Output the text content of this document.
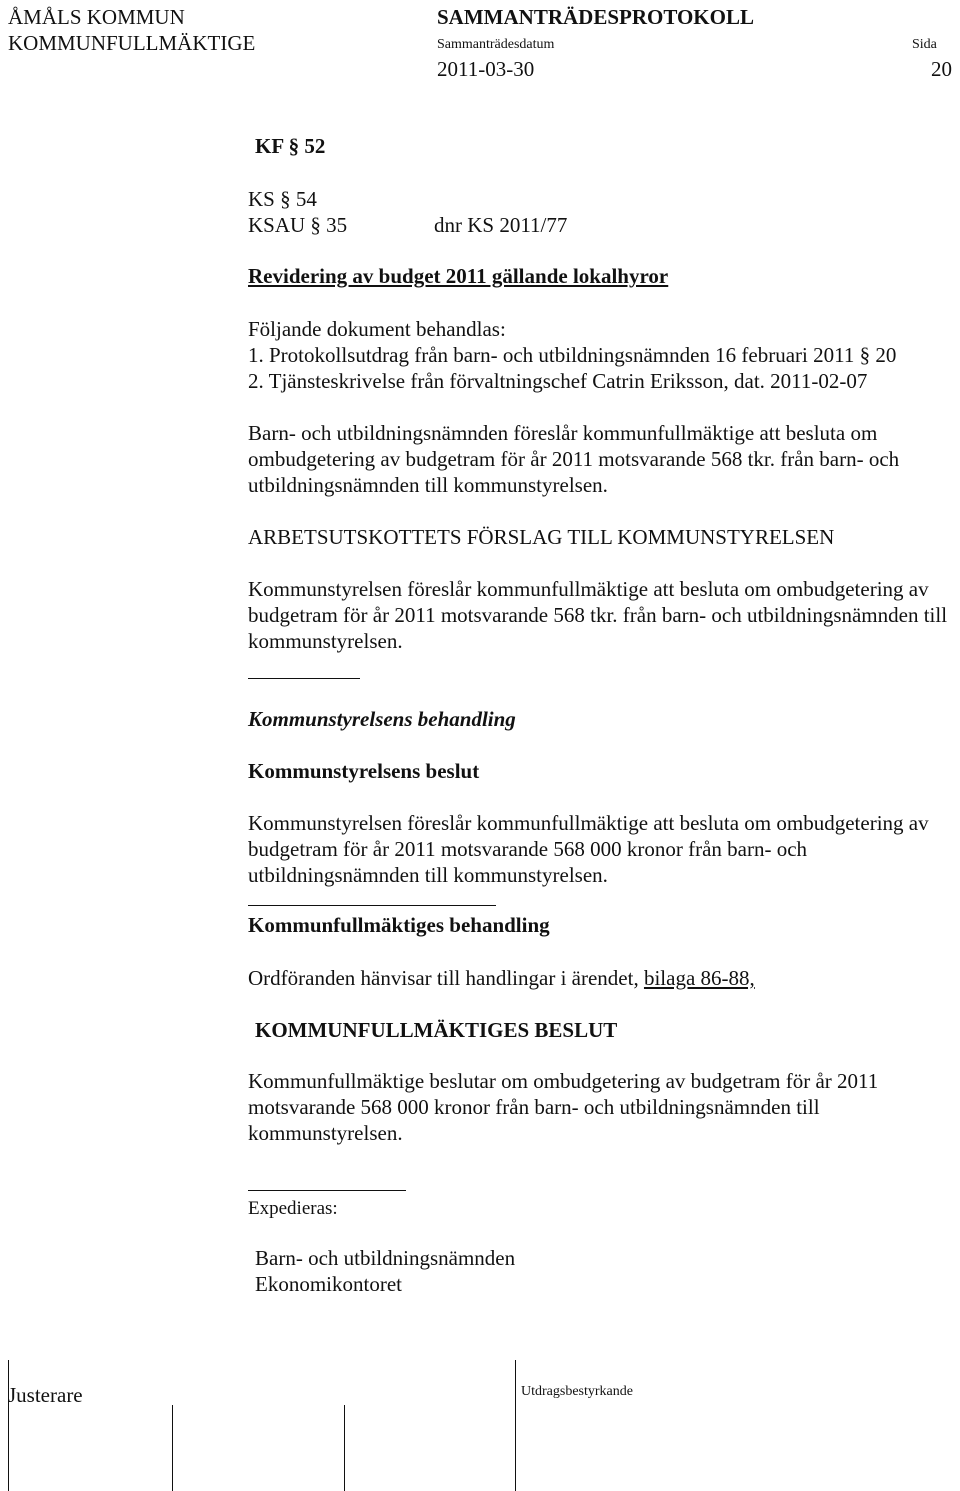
ÅMÅLS KOMMUN
KOMMUNFULLMÄKTIGE
SAMMANTRÄDESPROTOKOLL
Sammanträdesdatum	Sida
2011-03-30	20
KF § 52
KS § 54
KSAU § 35	dnr KS 2011/77
Revidering av budget 2011 gällande lokalhyror
Följande dokument behandlas:
1. Protokollsutdrag från barn- och utbildningsnämnden 16 februari 2011 § 20
2. Tjänsteskrivelse från förvaltningschef Catrin Eriksson, dat. 2011-02-07
Barn- och utbildningsnämnden föreslår kommunfullmäktige att besluta om ombudgetering av budgetram för år 2011 motsvarande 568 tkr. från barn- och utbildningsnämnden till kommunstyrelsen.
ARBETSUTSKOTTETS FÖRSLAG TILL KOMMUNSTYRELSEN
Kommunstyrelsen föreslår kommunfullmäktige att besluta om ombudgetering av budgetram för år 2011 motsvarande 568 tkr. från barn- och utbildningsnämnden till kommunstyrelsen.
Kommunstyrelsens behandling
Kommunstyrelsens beslut
Kommunstyrelsen föreslår kommunfullmäktige att besluta om ombudgetering av budgetram för år 2011 motsvarande 568 000 kronor från barn- och utbildningsnämnden till kommunstyrelsen.
Kommunfullmäktiges behandling
Ordföranden hänvisar till handlingar i ärendet, bilaga 86-88,
KOMMUNFULLMÄKTIGES BESLUT
Kommunfullmäktige beslutar om ombudgetering av budgetram för år 2011 motsvarande 568 000 kronor från barn- och utbildningsnämnden till kommunstyrelsen.
Expedieras:
Barn- och utbildningsnämnden
Ekonomikontoret
Justerare	Utdragsbestyrkande
